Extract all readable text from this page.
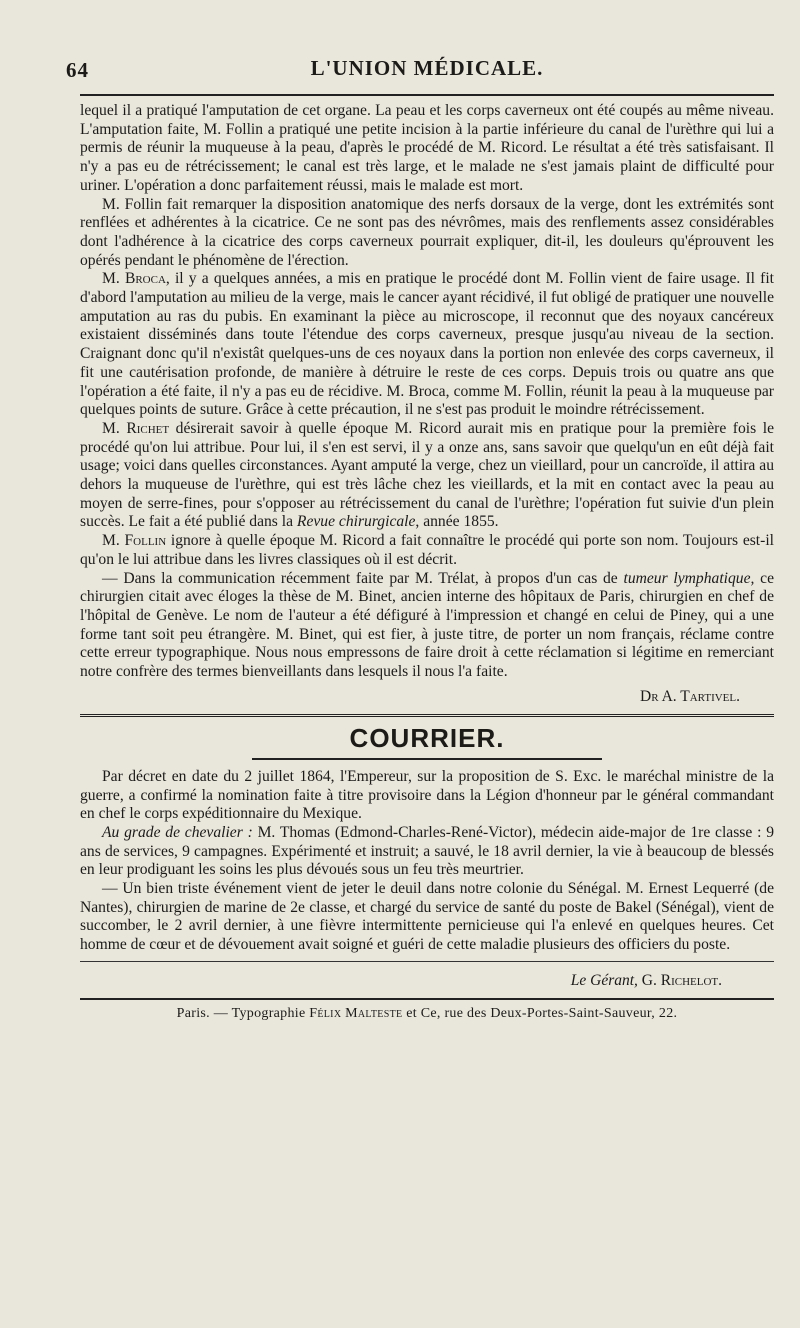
64	L'UNION MÉDICALE.

lequel il a pratiqué l'amputation de cet organe. La peau et les corps caverneux ont été coupés au même niveau. L'amputation faite, M. Follin a pratiqué une petite incision à la partie inférieure du canal de l'urèthre qui lui a permis de réunir la muqueuse à la peau, d'après le procédé de M. Ricord. Le résultat a été très satisfaisant. Il n'y a pas eu de rétrécissement; le canal est très large, et le malade ne s'est jamais plaint de difficulté pour uriner. L'opération a donc parfaitement réussi, mais le malade est mort.

M. Follin fait remarquer la disposition anatomique des nerfs dorsaux de la verge, dont les extrémités sont renflées et adhérentes à la cicatrice. Ce ne sont pas des névrômes, mais des renflements assez considérables dont l'adhérence à la cicatrice des corps caverneux pourrait expliquer, dit-il, les douleurs qu'éprouvent les opérés pendant le phénomène de l'érection.

M. Broca, il y a quelques années, a mis en pratique le procédé dont M. Follin vient de faire usage. Il fit d'abord l'amputation au milieu de la verge, mais le cancer ayant récidivé, il fut obligé de pratiquer une nouvelle amputation au ras du pubis. En examinant la pièce au microscope, il reconnut que des noyaux cancéreux existaient disséminés dans toute l'étendue des corps caverneux, presque jusqu'au niveau de la section. Craignant donc qu'il n'existât quelques-uns de ces noyaux dans la portion non enlevée des corps caverneux, il fit une cautérisation profonde, de manière à détruire le reste de ces corps. Depuis trois ou quatre ans que l'opération a été faite, il n'y a pas eu de récidive. M. Broca, comme M. Follin, réunit la peau à la muqueuse par quelques points de suture. Grâce à cette précaution, il ne s'est pas produit le moindre rétrécissement.

M. Richet désirerait savoir à quelle époque M. Ricord aurait mis en pratique pour la première fois le procédé qu'on lui attribue. Pour lui, il s'en est servi, il y a onze ans, sans savoir que quelqu'un en eût déjà fait usage; voici dans quelles circonstances. Ayant amputé la verge, chez un vieillard, pour un cancroïde, il attira au dehors la muqueuse de l'urèthre, qui est très lâche chez les vieillards, et la mit en contact avec la peau au moyen de serre-fines, pour s'opposer au rétrécissement du canal de l'urèthre; l'opération fut suivie d'un plein succès. Le fait a été publié dans la Revue chirurgicale, année 1855.

M. Follin ignore à quelle époque M. Ricord a fait connaître le procédé qui porte son nom. Toujours est-il qu'on le lui attribue dans les livres classiques où il est décrit.

— Dans la communication récemment faite par M. Trélat, à propos d'un cas de tumeur lymphatique, ce chirurgien citait avec éloges la thèse de M. Binet, ancien interne des hôpitaux de Paris, chirurgien en chef de l'hôpital de Genève. Le nom de l'auteur a été défiguré à l'impression et changé en celui de Piney, qui a une forme tant soit peu étrangère. M. Binet, qui est fier, à juste titre, de porter un nom français, réclame contre cette erreur typographique. Nous nous empressons de faire droit à cette réclamation si légitime en remerciant notre confrère des termes bienveillants dans lesquels il nous l'a faite.

Dr A. Tartivel.
COURRIER.

Par décret en date du 2 juillet 1864, l'Empereur, sur la proposition de S. Exc. le maréchal ministre de la guerre, a confirmé la nomination faite à titre provisoire dans la Légion d'honneur par le général commandant en chef le corps expéditionnaire du Mexique.

Au grade de chevalier : M. Thomas (Edmond-Charles-René-Victor), médecin aide-major de 1re classe : 9 ans de services, 9 campagnes. Expérimenté et instruit; a sauvé, le 18 avril dernier, la vie à beaucoup de blessés en leur prodiguant les soins les plus dévoués sous un feu très meurtrier.

— Un bien triste événement vient de jeter le deuil dans notre colonie du Sénégal. M. Ernest Lequerré (de Nantes), chirurgien de marine de 2e classe, et chargé du service de santé du poste de Bakel (Sénégal), vient de succomber, le 2 avril dernier, à une fièvre intermittente pernicieuse qui l'a enlevé en quelques heures. Cet homme de cœur et de dévouement avait soigné et guéri de cette maladie plusieurs des officiers du poste.

Le Gérant, G. Richelot.
Paris. — Typographie Félix Malteste et Ce, rue des Deux-Portes-Saint-Sauveur, 22.
